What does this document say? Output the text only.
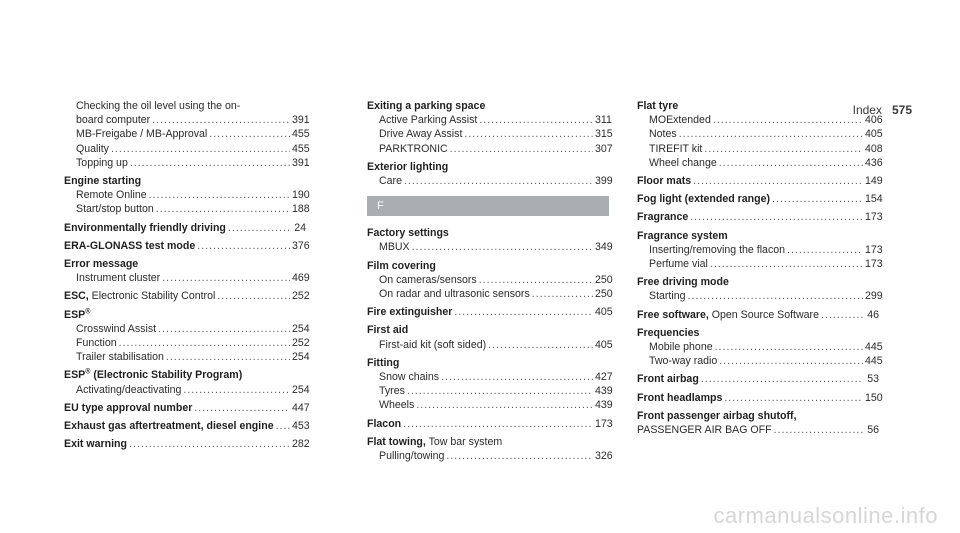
Index 575
Checking the oil level using the on-
board computer .....	391
MB-Freigabe / MB-Approval .....	455
Quality .....	455
Topping up .....	391
Engine starting
Remote Online .....	190
Start/stop button .....	188
Environmentally friendly driving .....	24
ERA-GLONASS test mode .....	376
Error message
Instrument cluster .....	469
ESC, Electronic Stability Control .....	252
ESP®
Crosswind Assist .....	254
Function .....	252
Trailer stabilisation .....	254
ESP® (Electronic Stability Program)
Activating/deactivating .....	254
EU type approval number .....	447
Exhaust gas aftertreatment, diesel engine ..... 453
Exit warning .....	282
Exiting a parking space
Active Parking Assist .....	311
Drive Away Assist .....	315
PARKTRONIC .....	307
Exterior lighting
Care .....	399
F
Factory settings
MBUX .....	349
Film covering
On cameras/sensors .....	250
On radar and ultrasonic sensors .....	250
Fire extinguisher .....	405
First aid
First-aid kit (soft sided) .....	405
Fitting
Snow chains .....	427
Tyres .....	439
Wheels .....	439
Flacon .....	173
Flat towing, Tow bar system
Pulling/towing .....	326
Flat tyre
MOExtended .....	406
Notes .....	405
TIREFIT kit .....	408
Wheel change .....	436
Floor mats .....	149
Fog light (extended range) .....	154
Fragrance .....	173
Fragrance system
Inserting/removing the flacon .....	173
Perfume vial .....	173
Free driving mode
Starting .....	299
Free software, Open Source Software .....	46
Frequencies
Mobile phone .....	445
Two-way radio .....	445
Front airbag .....	53
Front headlamps .....	150
Front passenger airbag shutoff,
PASSENGER AIR BAG OFF .....	56
carmanualsonline.info
